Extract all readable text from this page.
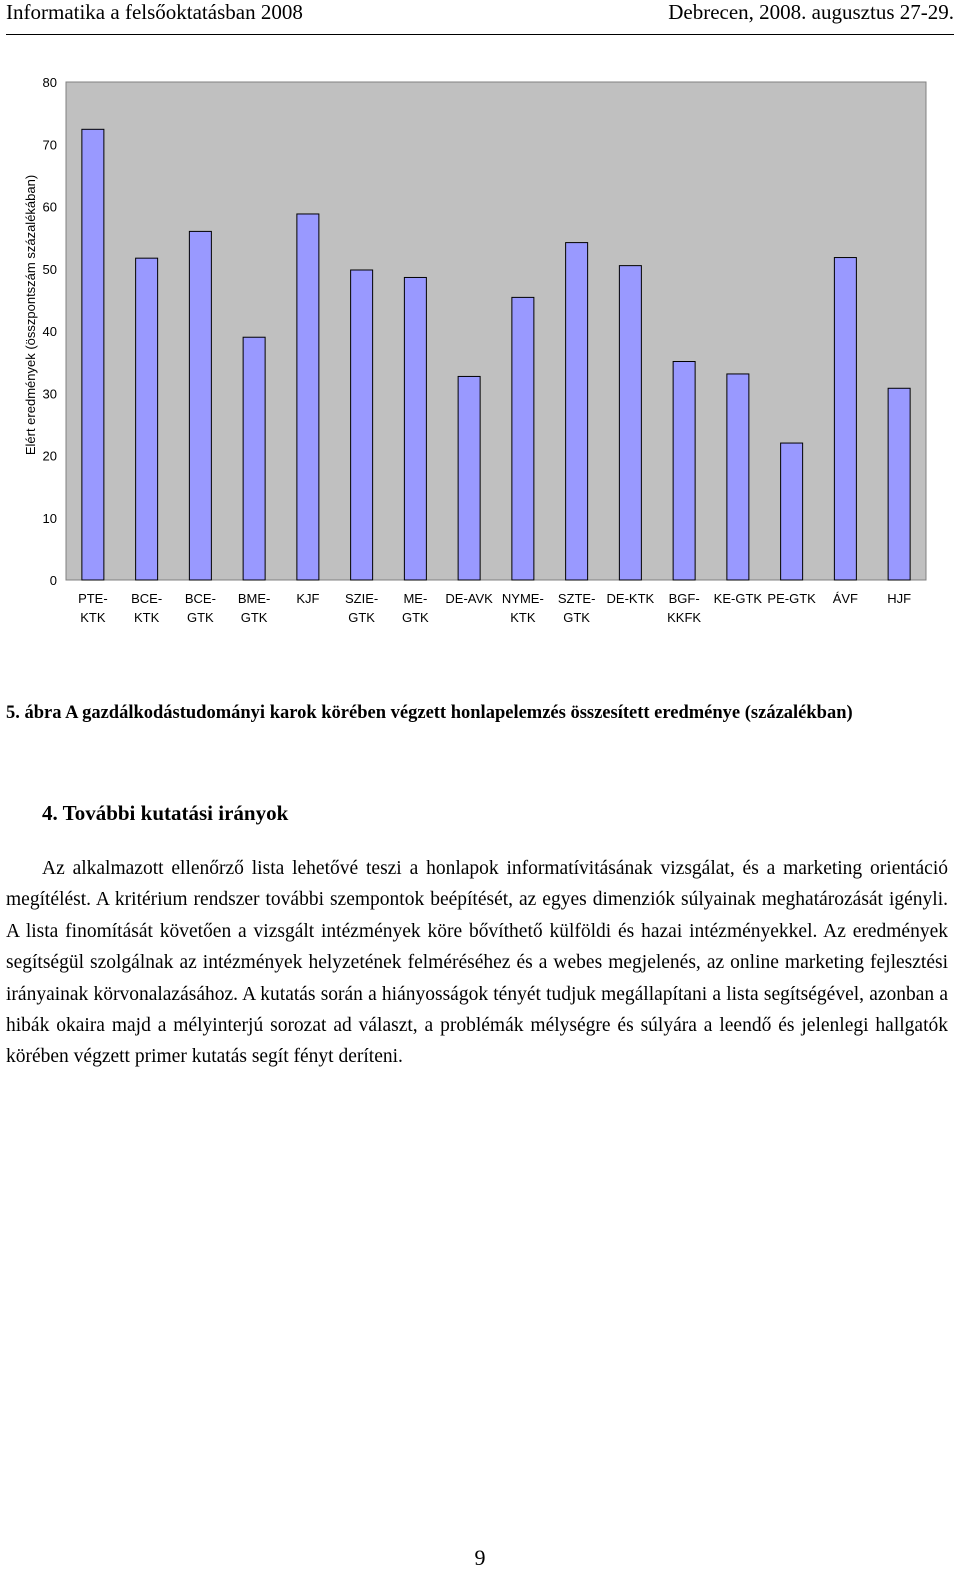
Informatika a felsőoktatásban 2008	Debrecen, 2008. augusztus 27-29.
0
10
20
30
40
50
60
70
80
PTE-KTK
BCE-KTK
BCE-GTK
BME-GTK
KJF SZIE-GTK
ME-GTK
DE-AVK NYME-KTK
SZTE-GTK
DE-KTK BGF-KKFK
KE-GTK PE-GTK ÁVF HJF
Elért eredmények (összpontszám százalékában)
5. ábra A gazdálkodástudományi karok körében végzett honlapelemzés összesített eredménye (százalékban)
4. További kutatási irányok

Az alkalmazott ellenőrző lista lehetővé teszi a honlapok informatívitásának vizsgálat, és a marketing orientáció megítélést. A kritérium rendszer további szempontok beépítését, az egyes dimenziók súlyainak meghatározását igényli. A lista finomítását követően a vizsgált intézmények köre bővíthető külföldi és hazai intézményekkel. Az eredmények segítségül szolgálnak az intézmények helyzetének felméréséhez és a webes megjelenés, az online marketing fejlesztési irányainak körvonalazásához. A kutatás során a hiányosságok tényét tudjuk megállapítani a lista segítségével, azonban a hibák okaira majd a mélyinterjú sorozat ad választ, a problémák mélységre és súlyára a leendő és jelenlegi hallgatók körében végzett primer kutatás segít fényt deríteni.

9
